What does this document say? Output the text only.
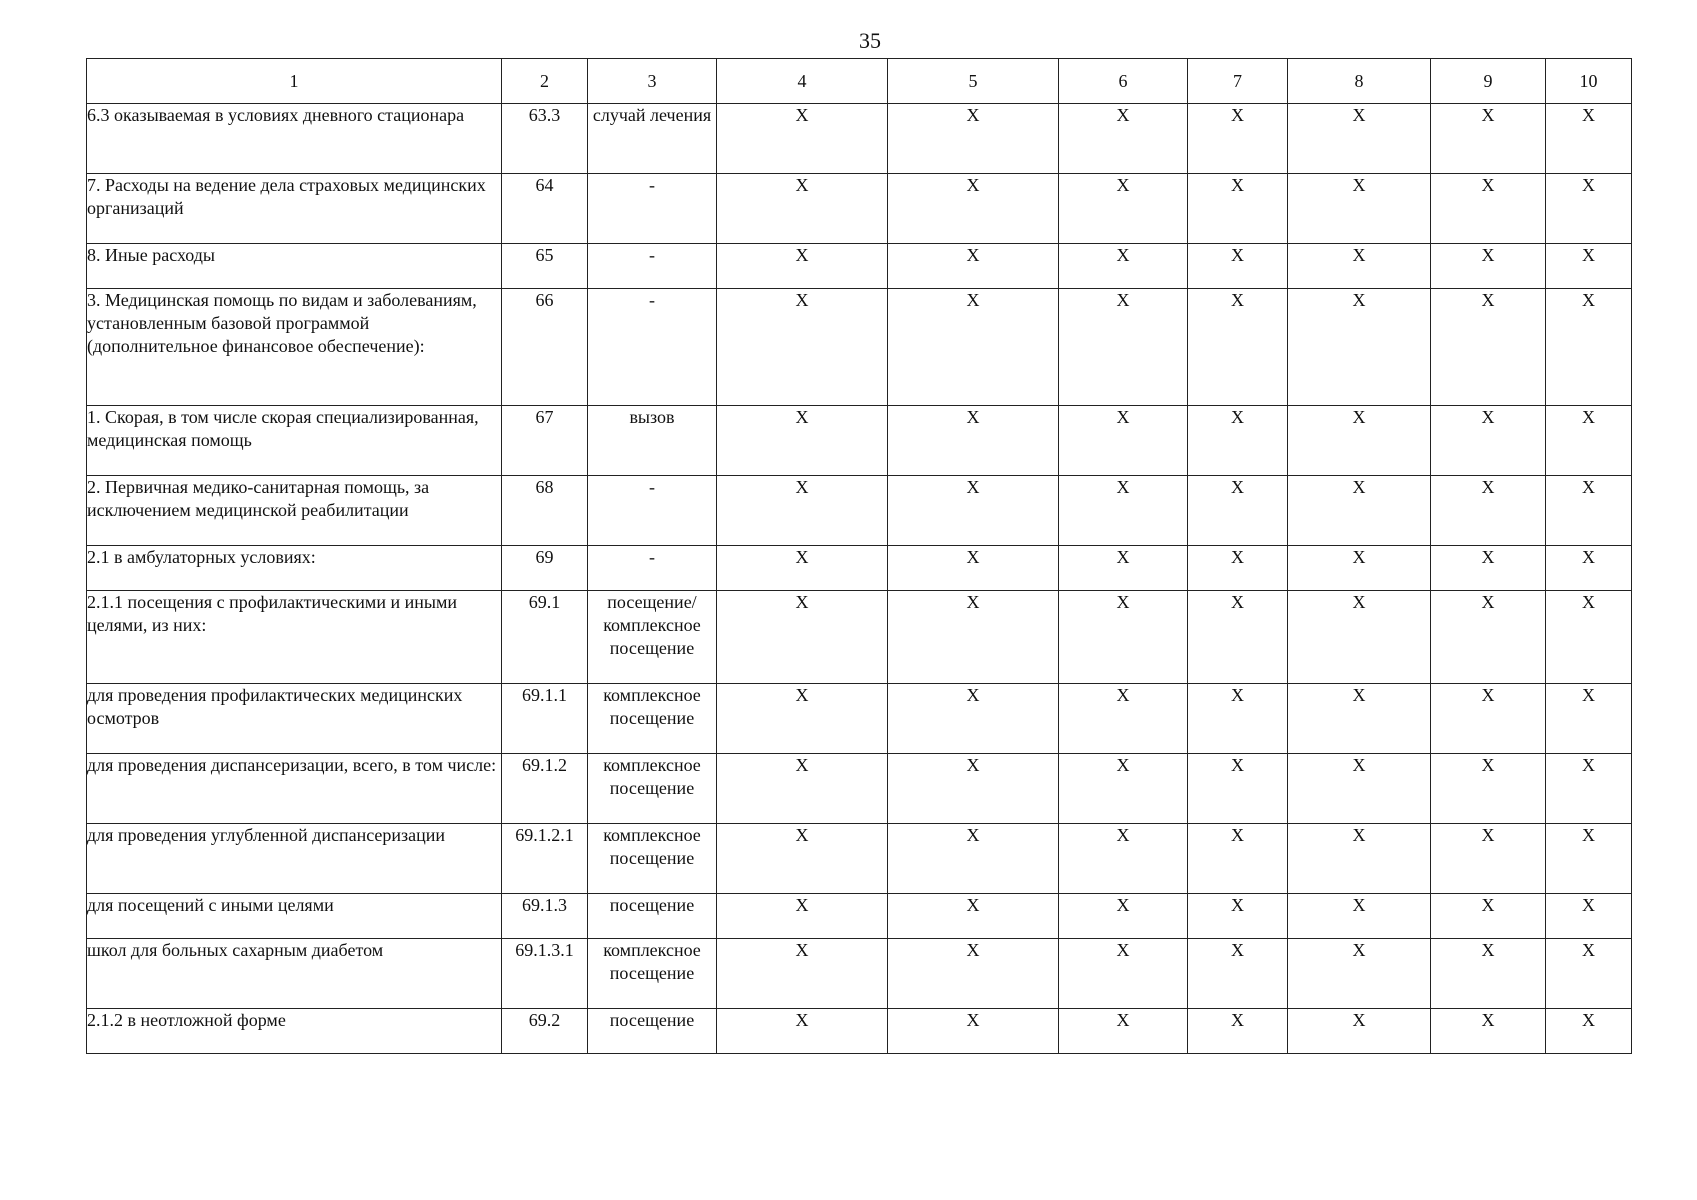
35
1	2	3	4	5	6	7	8	9	10
6.3 оказываемая в условиях дневного стационара	63.3	случай лечения	X	X	X	X	X	X	X
7. Расходы на ведение дела страховых медицинских организаций	64	-	X	X	X	X	X	X	X
8. Иные расходы	65	-	X	X	X	X	X	X	X
3. Медицинская помощь по видам и заболеваниям, установленным базовой программой (дополнительное финансовое обеспечение):	66	-	X	X	X	X	X	X	X
1. Скорая, в том числе скорая специализированная, медицинская помощь	67	вызов	X	X	X	X	X	X	X
2. Первичная медико-санитарная помощь, за исключением медицинской реабилитации	68	-	X	X	X	X	X	X	X
2.1 в амбулаторных условиях:	69	-	X	X	X	X	X	X	X
2.1.1 посещения с профилактическими и иными целями, из них:	69.1	посещение/ комплексное посещение	X	X	X	X	X	X	X
для проведения профилактических медицинских осмотров	69.1.1	комплексное посещение	X	X	X	X	X	X	X
для проведения диспансеризации, всего, в том числе:	69.1.2	комплексное посещение	X	X	X	X	X	X	X
для проведения углубленной диспансеризации	69.1.2.1	комплексное посещение	X	X	X	X	X	X	X
для посещений с иными целями	69.1.3	посещение	X	X	X	X	X	X	X
школ для больных сахарным диабетом	69.1.3.1	комплексное посещение	X	X	X	X	X	X	X
2.1.2 в неотложной форме	69.2	посещение	X	X	X	X	X	X	X
